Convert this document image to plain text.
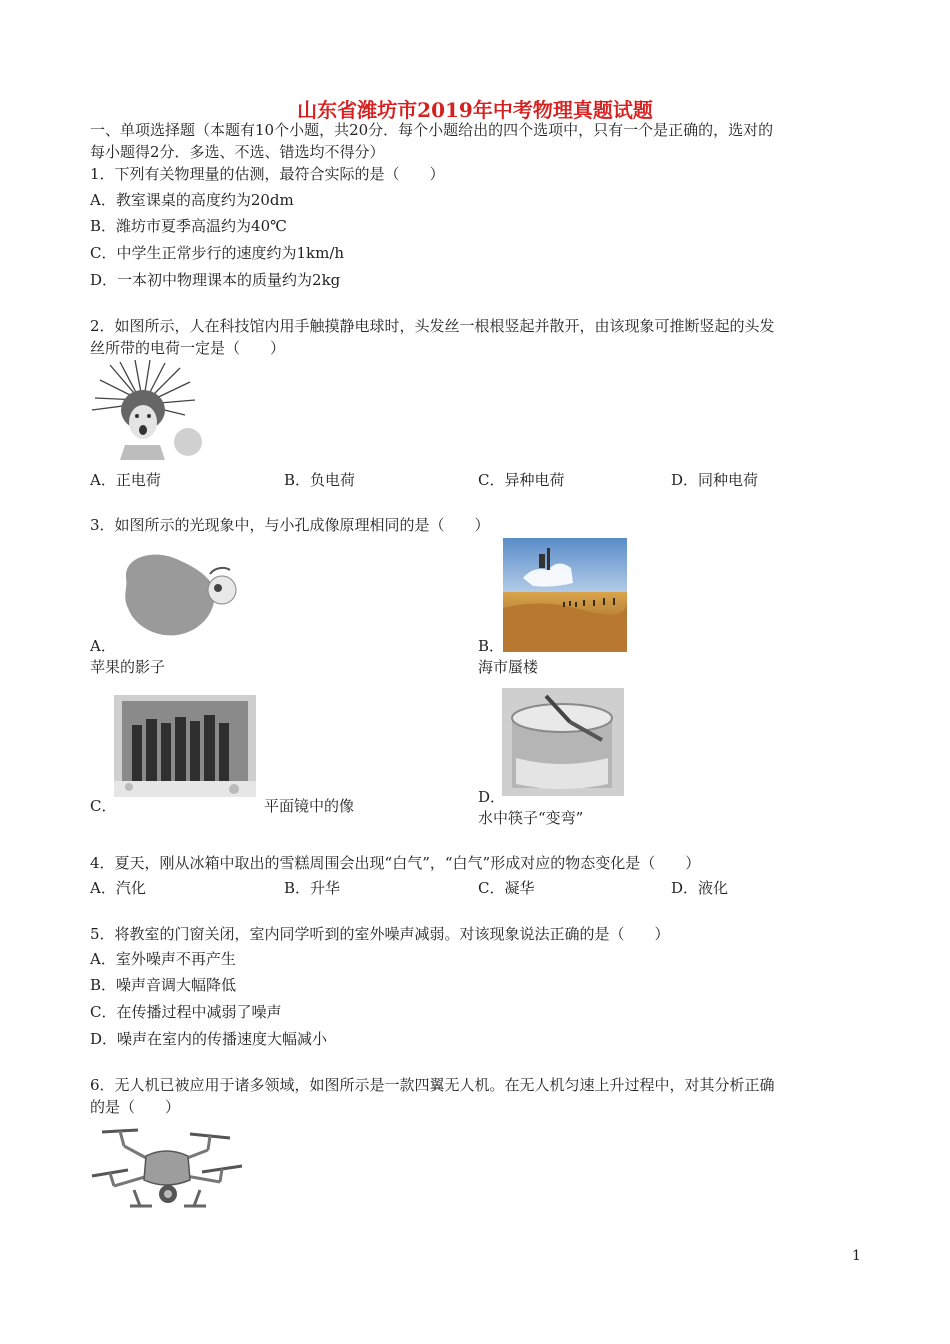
山东省潍坊市2019年中考物理真题试题
一、单项选择题（本题有10个小题，共20分．每个小题给出的四个选项中，只有一个是正确的，选对的
每小题得2分．多选、不选、错选均不得分）
1．下列有关物理量的估测，最符合实际的是（　　）
A．教室课桌的高度约为20dm
B．潍坊市夏季高温约为40℃
C．中学生正常步行的速度约为1km/h
D．一本初中物理课本的质量约为2kg
2．如图所示，人在科技馆内用手触摸静电球时，头发丝一根根竖起并散开，由该现象可推断竖起的头发
丝所带的电荷一定是（　　）
A．正电荷	B．负电荷	C．异种电荷	D．同种电荷
3．如图所示的光现象中，与小孔成像原理相同的是（　　）
A．
苹果的影子
B．
海市蜃楼
C．	平面镜中的像	D．
水中筷子“变弯”
4．夏天，刚从冰箱中取出的雪糕周围会出现“白气”，“白气”形成对应的物态变化是（　　）
A．汽化	B．升华	C．凝华	D．液化
5．将教室的门窗关闭，室内同学听到的室外噪声减弱。对该现象说法正确的是（　　）
A．室外噪声不再产生
B．噪声音调大幅降低
C．在传播过程中减弱了噪声
D．噪声在室内的传播速度大幅减小
6．无人机已被应用于诸多领域，如图所示是一款四翼无人机。在无人机匀速上升过程中，对其分析正确
的是（　　）
1
